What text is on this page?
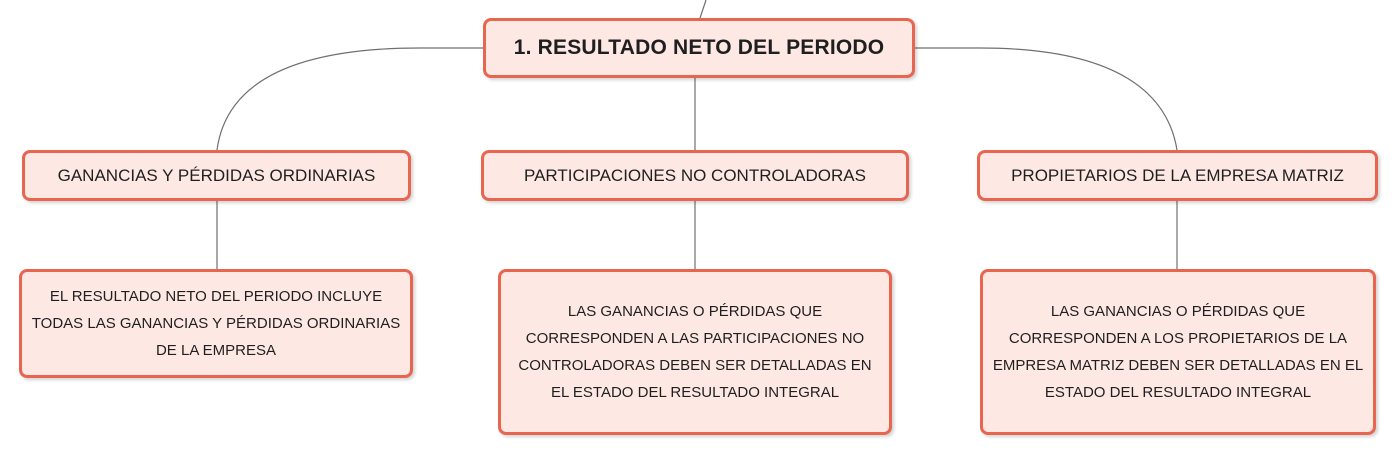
1. RESULTADO NETO DEL PERIODO
GANANCIAS Y PÉRDIDAS ORDINARIAS	PARTICIPACIONES NO CONTROLADORAS	PROPIETARIOS DE LA EMPRESA MATRIZ
EL RESULTADO NETO DEL PERIODO INCLUYE TODAS LAS GANANCIAS Y PÉRDIDAS ORDINARIAS DE LA EMPRESA
LAS GANANCIAS O PÉRDIDAS QUE CORRESPONDEN A LAS PARTICIPACIONES NO CONTROLADORAS DEBEN SER DETALLADAS EN EL ESTADO DEL RESULTADO INTEGRAL
LAS GANANCIAS O PÉRDIDAS QUE CORRESPONDEN A LOS PROPIETARIOS DE LA EMPRESA MATRIZ DEBEN SER DETALLADAS EN EL ESTADO DEL RESULTADO INTEGRAL
